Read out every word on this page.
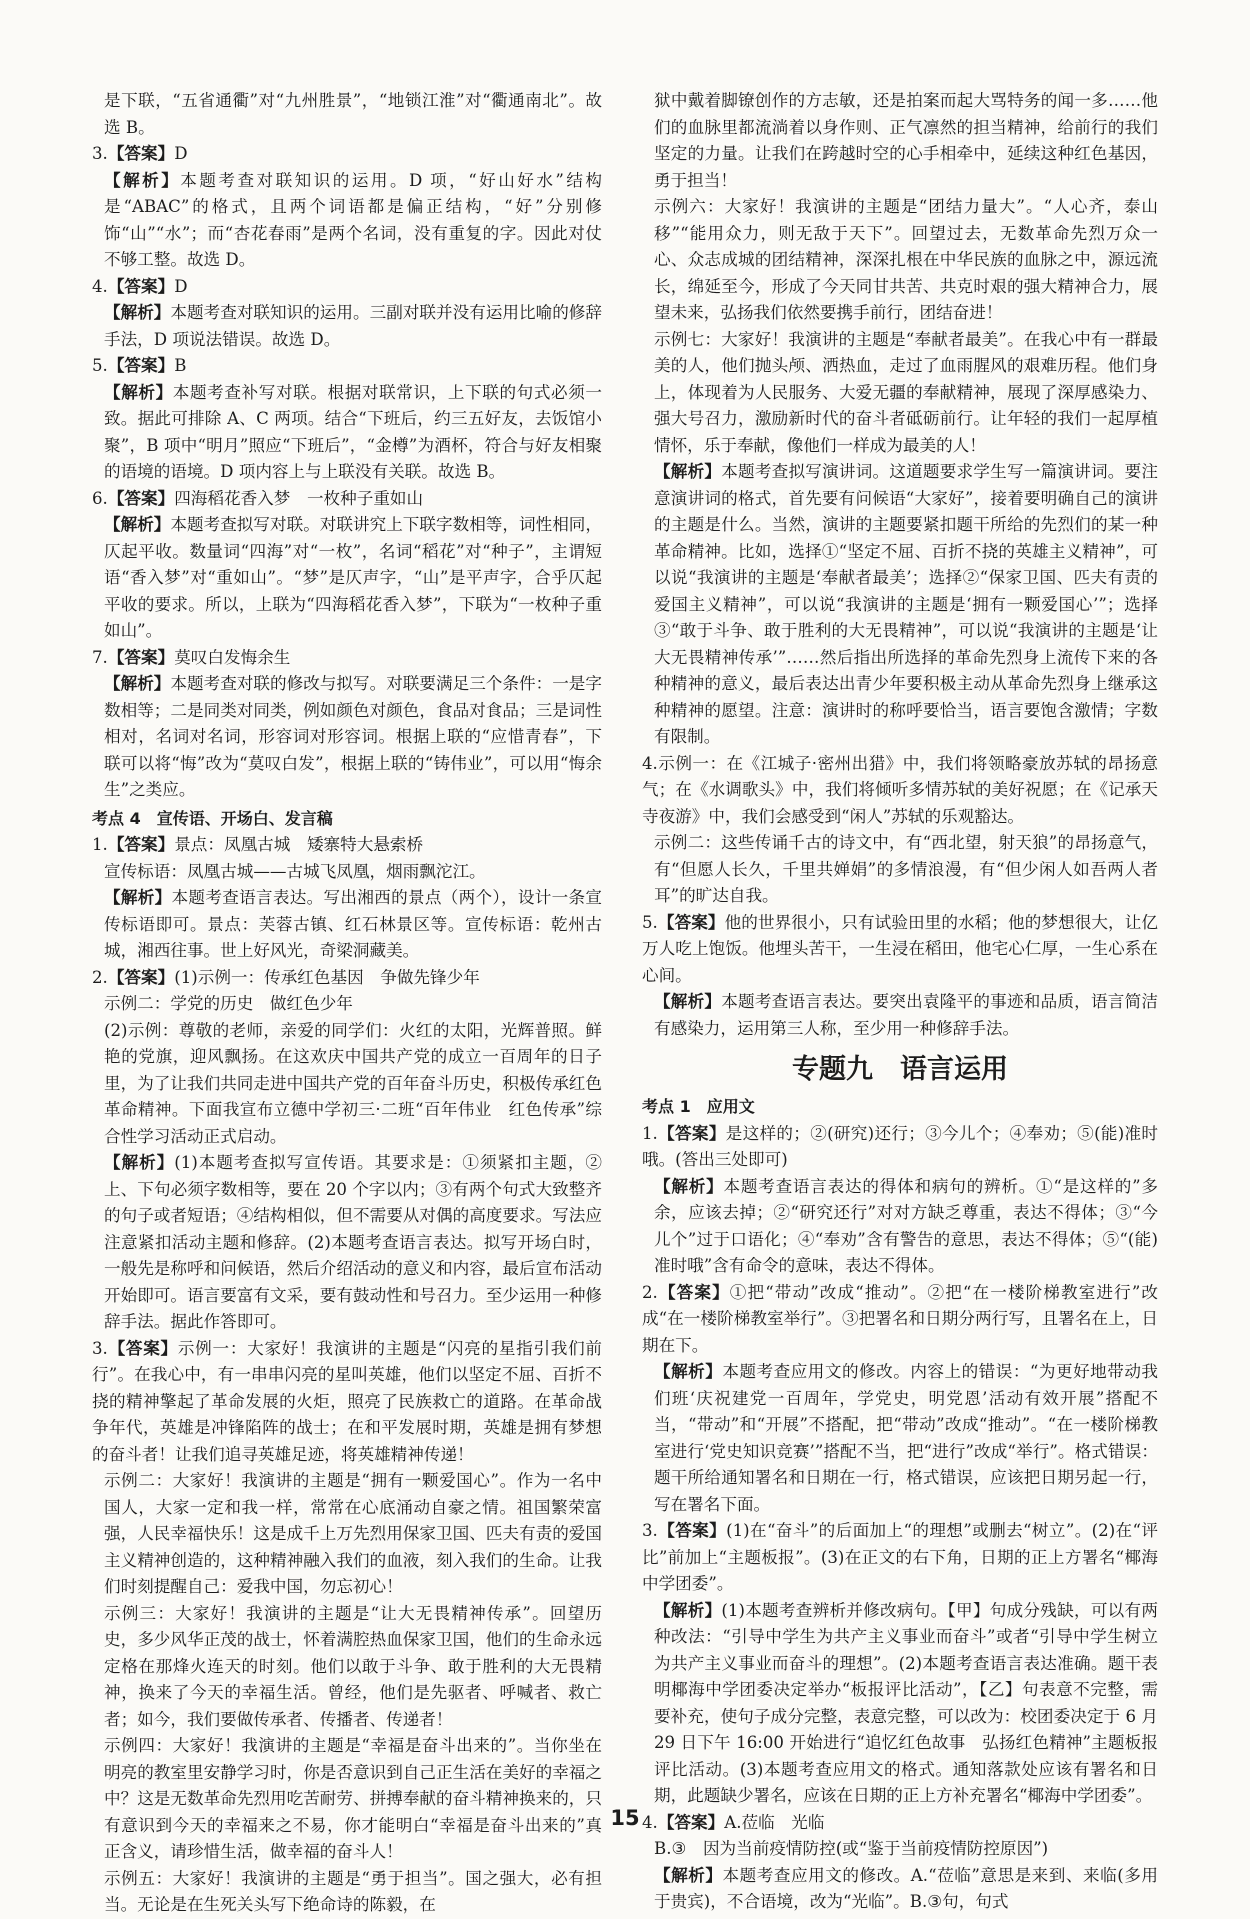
是下联，“五省通衢”对“九州胜景”，“地锁江淮”对“衢通南北”。故选 B。

3.【答案】D

【解析】本题考查对联知识的运用。D 项，“好山好水”结构是“ABAC”的格式，且两个词语都是偏正结构，“好”分别修饰“山”“水”；而“杏花春雨”是两个名词，没有重复的字。因此对仗不够工整。故选 D。

4.【答案】D

【解析】本题考查对联知识的运用。三副对联并没有运用比喻的修辞手法，D 项说法错误。故选 D。

5.【答案】B

【解析】本题考查补写对联。根据对联常识，上下联的句式必须一致。据此可排除 A、C 两项。结合“下班后，约三五好友，去饭馆小聚”，B 项中“明月”照应“下班后”，“金樽”为酒杯，符合与好友相聚的语境的语境。D 项内容上与上联没有关联。故选 B。

6.【答案】四海稻花香入梦　一枚种子重如山

【解析】本题考查拟写对联。对联讲究上下联字数相等，词性相同，仄起平收。数量词“四海”对“一枚”，名词“稻花”对“种子”，主谓短语“香入梦”对“重如山”。“梦”是仄声字，“山”是平声字，合乎仄起平收的要求。所以，上联为“四海稻花香入梦”，下联为“一枚种子重如山”。

7.【答案】莫叹白发悔余生

【解析】本题考查对联的修改与拟写。对联要满足三个条件：一是字数相等；二是同类对同类，例如颜色对颜色，食品对食品；三是词性相对，名词对名词，形容词对形容词。根据上联的“应惜青春”，下联可以将“悔”改为“莫叹白发”，根据上联的“铸伟业”，可以用“悔余生”之类应。

考点 4　宣传语、开场白、发言稿

1.【答案】景点：凤凰古城　矮寨特大悬索桥

宣传标语：凤凰古城——古城飞凤凰，烟雨飘沱江。

【解析】本题考查语言表达。写出湘西的景点（两个），设计一条宣传标语即可。景点：芙蓉古镇、红石林景区等。宣传标语：乾州古城，湘西往事。世上好风光，奇梁洞藏美。

2.【答案】(1)示例一：传承红色基因　争做先锋少年

示例二：学党的历史　做红色少年

(2)示例：尊敬的老师，亲爱的同学们：火红的太阳，光辉普照。鲜艳的党旗，迎风飘扬。在这欢庆中国共产党的成立一百周年的日子里，为了让我们共同走进中国共产党的百年奋斗历史，积极传承红色革命精神。下面我宣布立德中学初三·二班“百年伟业　红色传承”综合性学习活动正式启动。

【解析】(1)本题考查拟写宣传语。其要求是：①须紧扣主题，②上、下句必须字数相等，要在 20 个字以内；③有两个句式大致整齐的句子或者短语；④结构相似，但不需要从对偶的高度要求。写法应注意紧扣活动主题和修辞。(2)本题考查语言表达。拟写开场白时，一般先是称呼和问候语，然后介绍活动的意义和内容，最后宣布活动开始即可。语言要富有文采，要有鼓动性和号召力。至少运用一种修辞手法。据此作答即可。

3.【答案】示例一：大家好！我演讲的主题是“闪亮的星指引我们前行”。在我心中，有一串串闪亮的星叫英雄，他们以坚定不屈、百折不挠的精神擎起了革命发展的火炬，照亮了民族救亡的道路。在革命战争年代，英雄是冲锋陷阵的战士；在和平发展时期，英雄是拥有梦想的奋斗者！让我们追寻英雄足迹，将英雄精神传递！

示例二：大家好！我演讲的主题是“拥有一颗爱国心”。作为一名中国人，大家一定和我一样，常常在心底涌动自豪之情。祖国繁荣富强，人民幸福快乐！这是成千上万先烈用保家卫国、匹夫有责的爱国主义精神创造的，这种精神融入我们的血液，刻入我们的生命。让我们时刻提醒自己：爱我中国，勿忘初心！

示例三：大家好！我演讲的主题是“让大无畏精神传承”。回望历史，多少风华正茂的战士，怀着满腔热血保家卫国，他们的生命永远定格在那烽火连天的时刻。他们以敢于斗争、敢于胜利的大无畏精神，换来了今天的幸福生活。曾经，他们是先驱者、呼喊者、救亡者；如今，我们要做传承者、传播者、传递者！

示例四：大家好！我演讲的主题是“幸福是奋斗出来的”。当你坐在明亮的教室里安静学习时，你是否意识到自己正生活在美好的幸福之中？这是无数革命先烈用吃苦耐劳、拼搏奉献的奋斗精神换来的，只有意识到今天的幸福来之不易，你才能明白“幸福是奋斗出来的”真正含义，请珍惜生活，做幸福的奋斗人！

示例五：大家好！我演讲的主题是“勇于担当”。国之强大，必有担当。无论是在生死关头写下绝命诗的陈毅，在

狱中戴着脚镣创作的方志敏，还是拍案而起大骂特务的闻一多……他们的血脉里都流淌着以身作则、正气凛然的担当精神，给前行的我们坚定的力量。让我们在跨越时空的心手相牵中，延续这种红色基因，勇于担当！

示例六：大家好！我演讲的主题是“团结力量大”。“人心齐，泰山移”“能用众力，则无敌于天下”。回望过去，无数革命先烈万众一心、众志成城的团结精神，深深扎根在中华民族的血脉之中，源远流长，绵延至今，形成了今天同甘共苦、共克时艰的强大精神合力，展望未来，弘扬我们依然要携手前行，团结奋进！

示例七：大家好！我演讲的主题是“奉献者最美”。在我心中有一群最美的人，他们抛头颅、洒热血，走过了血雨腥风的艰难历程。他们身上，体现着为人民服务、大爱无疆的奉献精神，展现了深厚感染力、强大号召力，激励新时代的奋斗者砥砺前行。让年轻的我们一起厚植情怀，乐于奉献，像他们一样成为最美的人！

【解析】本题考查拟写演讲词。这道题要求学生写一篇演讲词。要注意演讲词的格式，首先要有问候语“大家好”，接着要明确自己的演讲的主题是什么。当然，演讲的主题要紧扣题干所给的先烈们的某一种革命精神。比如，选择①“坚定不屈、百折不挠的英雄主义精神”，可以说“我演讲的主题是‘奉献者最美’；选择②“保家卫国、匹夫有责的爱国主义精神”，可以说“我演讲的主题是‘拥有一颗爱国心’”；选择③“敢于斗争、敢于胜利的大无畏精神”，可以说“我演讲的主题是‘让大无畏精神传承’”……然后指出所选择的革命先烈身上流传下来的各种精神的意义，最后表达出青少年要积极主动从革命先烈身上继承这种精神的愿望。注意：演讲时的称呼要恰当，语言要饱含激情；字数有限制。

4.示例一：在《江城子·密州出猎》中，我们将领略豪放苏轼的昂扬意气；在《水调歌头》中，我们将倾听多情苏轼的美好祝愿；在《记承天寺夜游》中，我们会感受到“闲人”苏轼的乐观豁达。

示例二：这些传诵千古的诗文中，有“西北望，射天狼”的昂扬意气，有“但愿人长久，千里共婵娟”的多情浪漫，有“但少闲人如吾两人者耳”的旷达自我。

5.【答案】他的世界很小，只有试验田里的水稻；他的梦想很大，让亿万人吃上饱饭。他埋头苦干，一生浸在稻田，他宅心仁厚，一生心系在心间。

【解析】本题考查语言表达。要突出袁隆平的事迹和品质，语言简洁有感染力，运用第三人称，至少用一种修辞手法。

专题九　语言运用
考点 1　应用文

1.【答案】是这样的；②(研究)还行；③今儿个；④奉劝；⑤(能)准时哦。(答出三处即可)

【解析】本题考查语言表达的得体和病句的辨析。①“是这样的”多余，应该去掉；②“研究还行”对对方缺乏尊重，表达不得体；③“今儿个”过于口语化；④“奉劝”含有警告的意思，表达不得体；⑤“(能)准时哦”含有命令的意味，表达不得体。

2.【答案】①把“带动”改成“推动”。②把“在一楼阶梯教室进行”改成“在一楼阶梯教室举行”。③把署名和日期分两行写，且署名在上，日期在下。

【解析】本题考查应用文的修改。内容上的错误：“为更好地带动我们班‘庆祝建党一百周年，学党史，明党恩’活动有效开展”搭配不当，“带动”和“开展”不搭配，把“带动”改成“推动”。“在一楼阶梯教室进行‘党史知识竞赛’”搭配不当，把“进行”改成“举行”。格式错误：题干所给通知署名和日期在一行，格式错误，应该把日期另起一行，写在署名下面。

3.【答案】(1)在“奋斗”的后面加上“的理想”或删去“树立”。(2)在“评比”前加上“主题板报”。(3)在正文的右下角，日期的正上方署名“椰海中学团委”。

【解析】(1)本题考查辨析并修改病句。【甲】句成分残缺，可以有两种改法：“引导中学生为共产主义事业而奋斗”或者“引导中学生树立为共产主义事业而奋斗的理想”。(2)本题考查语言表达准确。题干表明椰海中学团委决定举办“板报评比活动”，【乙】句表意不完整，需要补充，使句子成分完整，表意完整，可以改为：校团委决定于 6 月 29 日下午 16:00 开始进行“追忆红色故事　弘扬红色精神”主题板报评比活动。(3)本题考查应用文的格式。通知落款处应该有署名和日期，此题缺少署名，应该在日期的正上方补充署名“椰海中学团委”。

4.【答案】A.莅临　光临

B.③　因为当前疫情防控(或“鉴于当前疫情防控原因”)

【解析】本题考查应用文的修改。A.“莅临”意思是来到、来临(多用于贵宾)，不合语境，改为“光临”。B.③句，句式

15
